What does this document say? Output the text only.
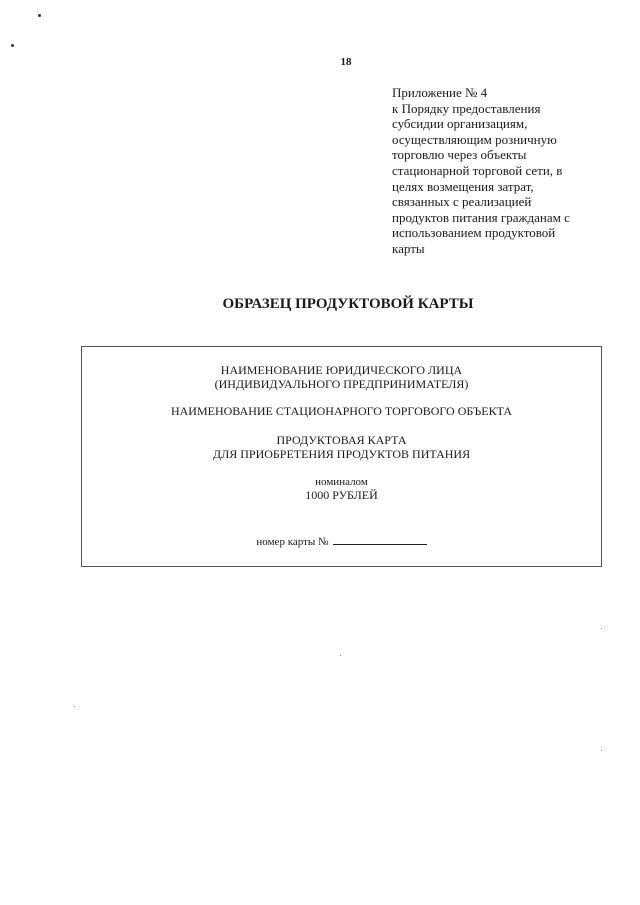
18
Приложение № 4
к Порядку предоставления
субсидии организациям,
осуществляющим розничную
торговлю через объекты
стационарной торговой сети, в
целях возмещения затрат,
связанных с реализацией
продуктов питания гражданам с
использованием продуктовой
карты
ОБРАЗЕЦ ПРОДУКТОВОЙ КАРТЫ
НАИМЕНОВАНИЕ ЮРИДИЧЕСКОГО ЛИЦА
(ИНДИВИДУАЛЬНОГО ПРЕДПРИНИМАТЕЛЯ)
НАИМЕНОВАНИЕ СТАЦИОНАРНОГО ТОРГОВОГО ОБЪЕКТА
ПРОДУКТОВАЯ КАРТА
ДЛЯ ПРИОБРЕТЕНИЯ ПРОДУКТОВ ПИТАНИЯ
номиналом
1000 РУБЛЕЙ
номер карты №
